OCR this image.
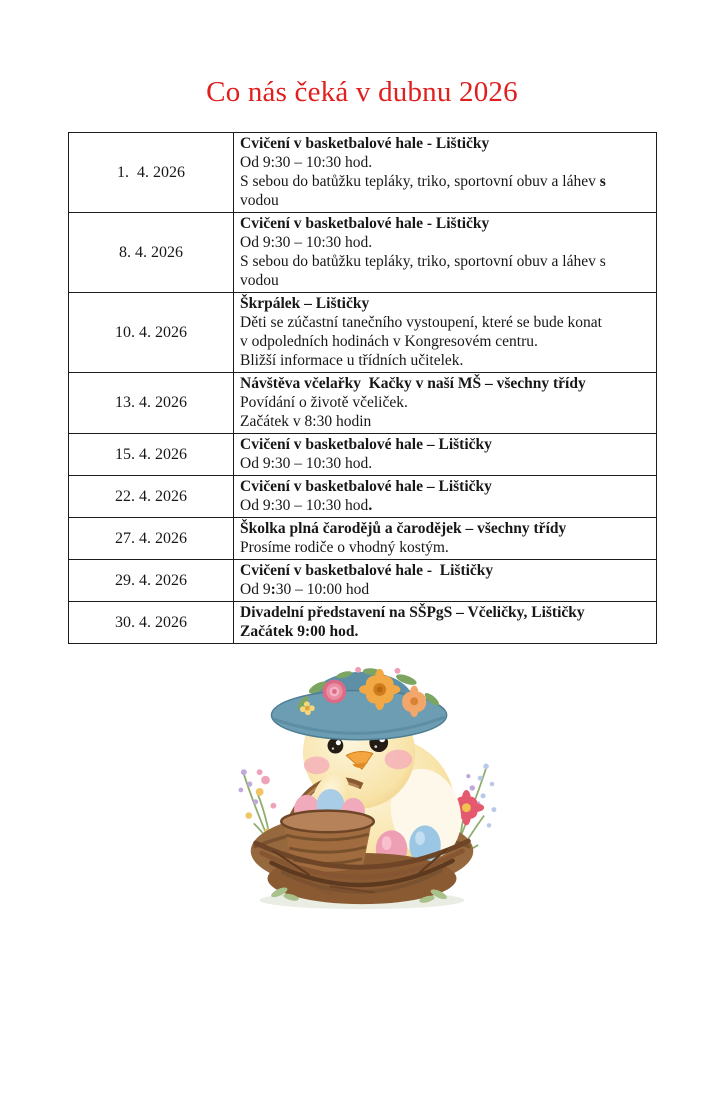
Co nás čeká v dubnu 2026
1.  4. 2026	Cvičení v basketbalové hale - Lištičky
Od 9:30 – 10:30 hod.
S sebou do batůžku tepláky, triko, sportovní obuv a láhev s
vodou

8. 4. 2026	Cvičení v basketbalové hale - Lištičky
Od 9:30 – 10:30 hod.
S sebou do batůžku tepláky, triko, sportovní obuv a láhev s
vodou

10. 4. 2026	Škrpálek – Lištičky
Děti se zúčastní tanečního vystoupení, které se bude konat
v odpoledních hodinách v Kongresovém centru.
Bližší informace u třídních učitelek.

13. 4. 2026	Návštěva včelařky  Kačky v naší MŠ – všechny třídy
Povídání o životě včeliček.
Začátek v 8:30 hodin

15. 4. 2026	Cvičení v basketbalové hale – Lištičky
Od 9:30 – 10:30 hod.

22. 4. 2026	Cvičení v basketbalové hale – Lištičky
Od 9:30 – 10:30 hod.

27. 4. 2026	Školka plná čarodějů a čarodějek – všechny třídy
Prosíme rodiče o vhodný kostým.

29. 4. 2026	Cvičení v basketbalové hale -  Lištičky
Od 9:30 – 10:00 hod

30. 4. 2026	Divadelní představení na SŠPgS – Včeličky, Lištičky
Začátek 9:00 hod.
